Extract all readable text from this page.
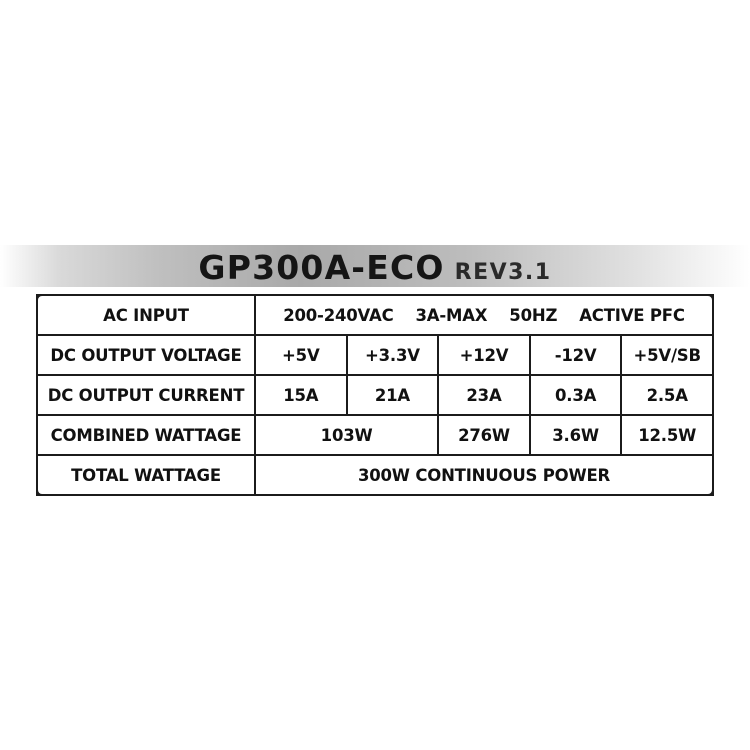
GP300A-ECO REV3.1
AC INPUT	200-240VAC 3A-MAX 50HZ ACTIVE PFC				
DC OUTPUT VOLTAGE	+5V	+3.3V	+12V	-12V	+5V/SB
DC OUTPUT CURRENT	15A	21A	23A	0.3A	2.5A
COMBINED WATTAGE	103W		276W	3.6W	12.5W
TOTAL WATTAGE	300W CONTINUOUS POWER				
